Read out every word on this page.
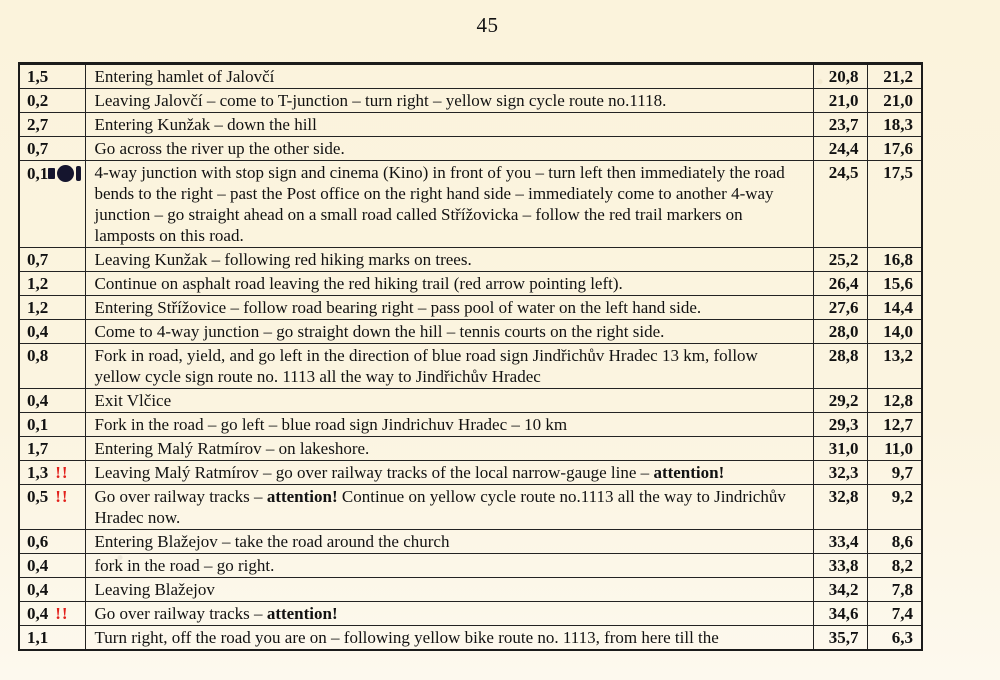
45
1,5	Entering hamlet of Jalovčí	20,8	21,2
0,2	Leaving Jalovčí – come to T-junction – turn right – yellow sign cycle route no.1118.	21,0	21,0
2,7	Entering Kunžak – down the hill	23,7	18,3
0,7	Go across the river up the other side.	24,4	17,6
0,1	4-way junction with stop sign and cinema (Kino) in front of you – turn left then immediately the road bends to the right – past the Post office on the right hand side – immediately come to another 4-way junction – go straight ahead on a small road called Střížovicka – follow the red trail markers on lamposts on this road.	24,5	17,5
0,7	Leaving Kunžak – following red hiking marks on trees.	25,2	16,8
1,2	Continue on asphalt road leaving the red hiking trail (red arrow pointing left).	26,4	15,6
1,2	Entering Střížovice – follow road bearing right – pass pool of water on the left hand side.	27,6	14,4
0,4	Come to 4-way junction – go straight down the hill – tennis courts on the right side.	28,0	14,0
0,8	Fork in road, yield, and go left in the direction of blue road sign Jindřichův Hradec 13 km, follow yellow cycle sign route no. 1113 all the way to Jindřichův Hradec	28,8	13,2
0,4	Exit Vlčice	29,2	12,8
0,1	Fork in the road – go left – blue road sign Jindrichuv Hradec – 10 km	29,3	12,7
1,7	Entering Malý Ratmírov – on lakeshore.	31,0	11,0
1,3 !!	Leaving Malý Ratmírov – go over railway tracks of the local narrow-gauge line – attention!	32,3	9,7
0,5 !!	Go over railway tracks – attention! Continue on yellow cycle route no.1113 all the way to Jindrichův Hradec now.	32,8	9,2
0,6	Entering Blažejov – take the road around the church	33,4	8,6
0,4	fork in the road – go right.	33,8	8,2
0,4	Leaving Blažejov	34,2	7,8
0,4 !!	Go over railway tracks – attention!	34,6	7,4
1,1	Turn right, off the road you are on – following yellow bike route no. 1113, from here till the	35,7	6,3
